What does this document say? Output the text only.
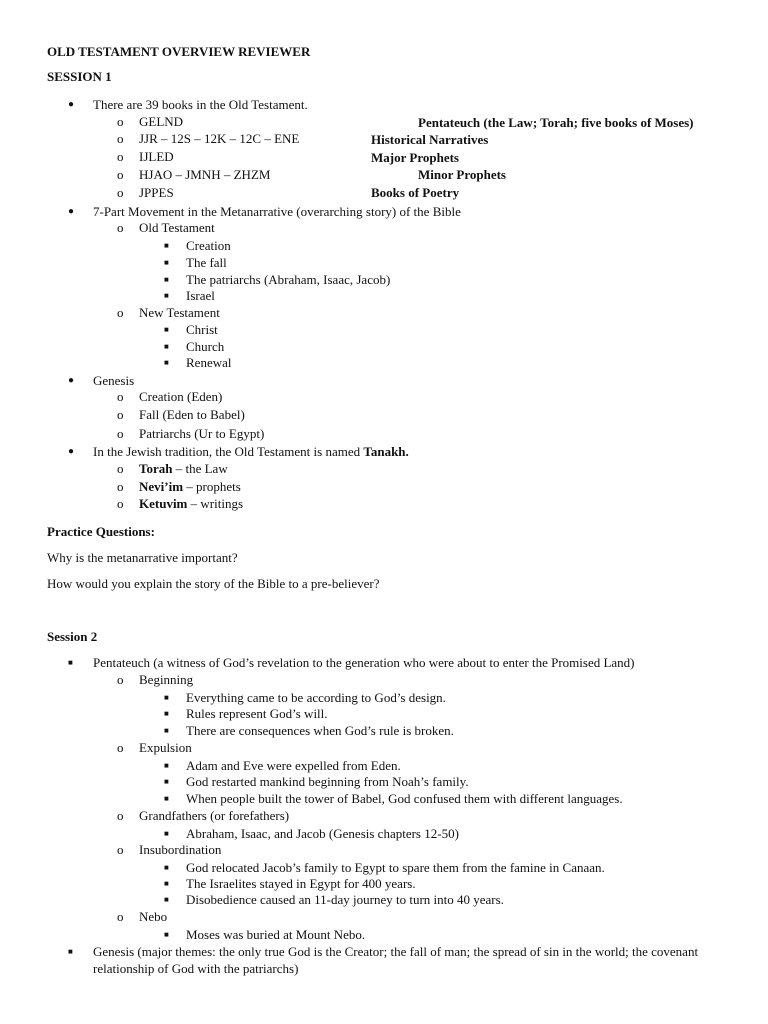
OLD TESTAMENT OVERVIEW REVIEWER
SESSION 1
● There are 39 books in the Old Testament.
o GELND	Pentateuch (the Law; Torah; five books of Moses)
o JJR – 12S – 12K – 12C – ENE	Historical Narratives
o IJLED	Major Prophets
o HJAO – JMNH – ZHZM	Minor Prophets
o JPPES	Books of Poetry
● 7-Part Movement in the Metanarrative (overarching story) of the Bible
o Old Testament
■ Creation
■ The fall
■ The patriarchs (Abraham, Isaac, Jacob)
■ Israel
o New Testament
■ Christ
■ Church
■ Renewal
● Genesis
o Creation (Eden)
o Fall (Eden to Babel)
o Patriarchs (Ur to Egypt)
● In the Jewish tradition, the Old Testament is named Tanakh.
o Torah – the Law
o Nevi’im – prophets
o Ketuvim – writings
Practice Questions:
Why is the metanarrative important?
How would you explain the story of the Bible to a pre-believer?
Session 2
■ Pentateuch (a witness of God’s revelation to the generation who were about to enter the Promised Land)
o Beginning
■ Everything came to be according to God’s design.
■ Rules represent God’s will.
■ There are consequences when God’s rule is broken.
o Expulsion
■ Adam and Eve were expelled from Eden.
■ God restarted mankind beginning from Noah’s family.
■ When people built the tower of Babel, God confused them with different languages.
o Grandfathers (or forefathers)
■ Abraham, Isaac, and Jacob (Genesis chapters 12-50)
o Insubordination
■ God relocated Jacob’s family to Egypt to spare them from the famine in Canaan.
■ The Israelites stayed in Egypt for 400 years.
■ Disobedience caused an 11-day journey to turn into 40 years.
o Nebo
■ Moses was buried at Mount Nebo.
■ Genesis (major themes: the only true God is the Creator; the fall of man; the spread of sin in the world; the covenant relationship of God with the patriarchs)
